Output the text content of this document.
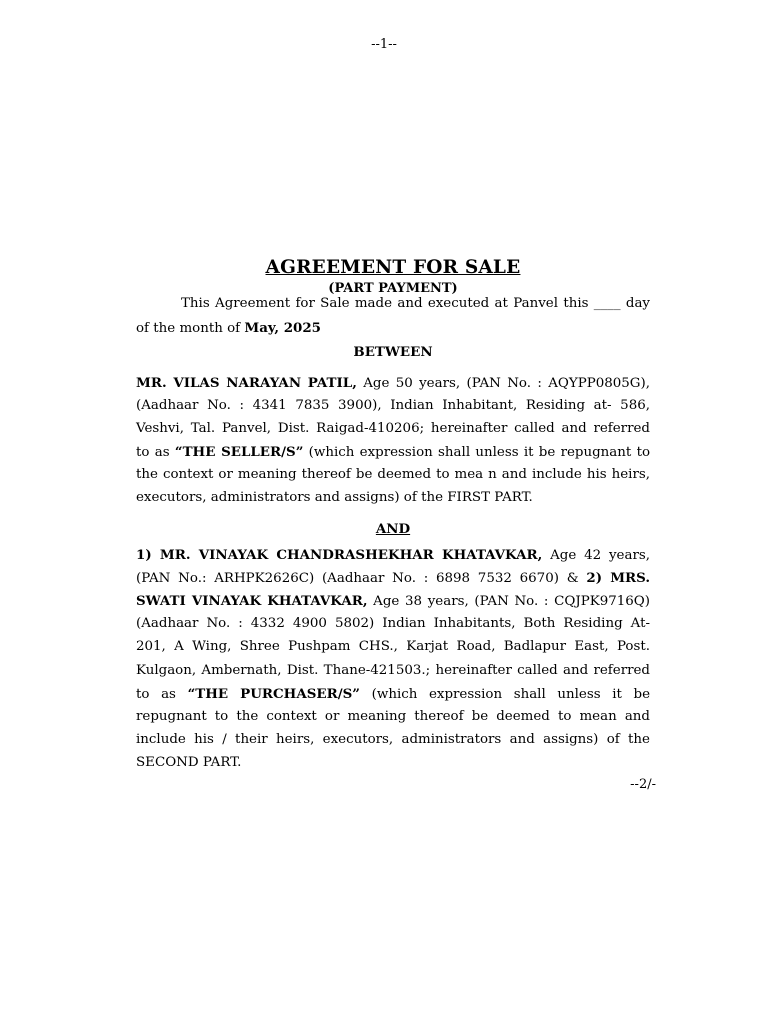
--1--
AGREEMENT FOR SALE
(PART PAYMENT)
This Agreement for Sale made and executed at Panvel this ____ day
of the month of May, 2025
BETWEEN
MR. VILAS NARAYAN PATIL, Age 50 years, (PAN No. : AQYPP0805G),
(Aadhaar No. : 4341 7835 3900), Indian Inhabitant, Residing at- 586,
Veshvi, Tal. Panvel, Dist. Raigad-410206; hereinafter called and referred
to as “THE SELLER/S” (which expression shall unless it be repugnant to
the context or meaning thereof be deemed to mea n and include his heirs,
executors, administrators and assigns) of the FIRST PART.
AND
1) MR. VINAYAK CHANDRASHEKHAR KHATAVKAR, Age 42 years,
(PAN No.: ARHPK2626C) (Aadhaar No. : 6898 7532 6670) & 2) MRS.
SWATI VINAYAK KHATAVKAR, Age 38 years, (PAN No. : CQJPK9716Q)
(Aadhaar No. : 4332 4900 5802) Indian Inhabitants, Both Residing At-
201, A Wing, Shree Pushpam CHS., Karjat Road, Badlapur East, Post.
Kulgaon, Ambernath, Dist. Thane-421503.; hereinafter called and referred
to as “THE PURCHASER/S” (which expression shall unless it be
repugnant to the context or meaning thereof be deemed to mean and
include his / their heirs, executors, administrators and assigns) of the
SECOND PART.
--2/-
